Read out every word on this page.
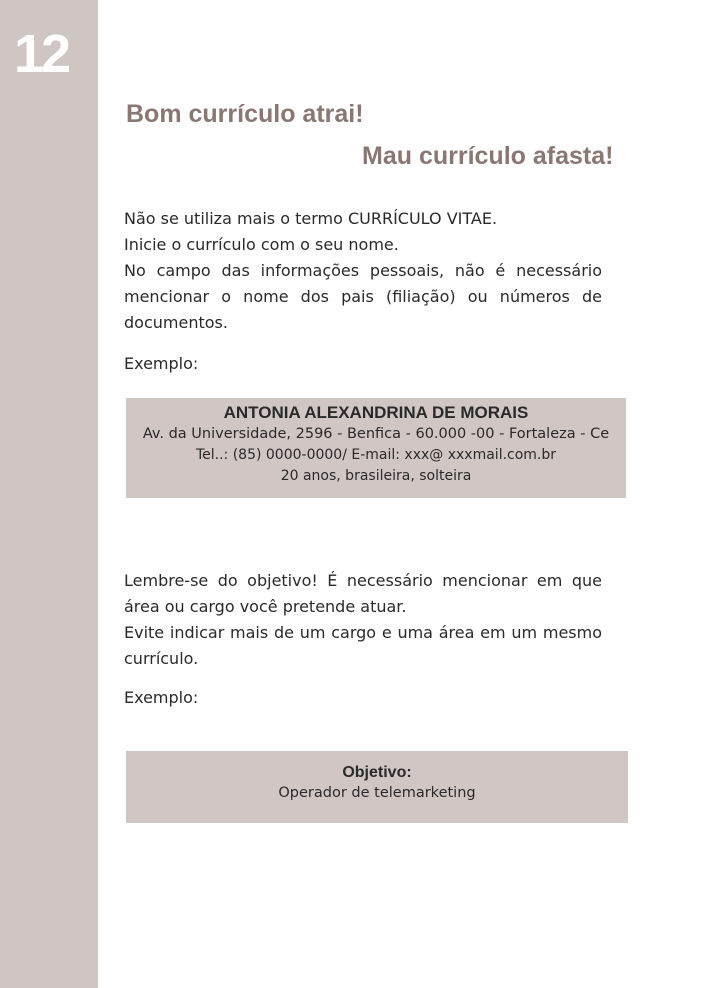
12
Bom currículo atrai!
Mau currículo afasta!

Não se utiliza mais o termo CURRÍCULO VITAE.

Inicie o currículo com o seu nome.

No campo das informações pessoais, não é necessário mencionar o nome dos pais (filiação) ou números de documentos.

Exemplo:
ANTONIA ALEXANDRINA DE MORAIS
Av. da Universidade, 2596 - Benfica - 60.000 -00 - Fortaleza - Ce
Tel..: (85) 0000-0000/ E-mail: xxx@ xxxmail.com.br
20 anos, brasileira, solteira

Lembre-se do objetivo! É necessário mencionar em que área ou cargo você pretende atuar.

Evite indicar mais de um cargo e uma área em um mesmo currículo.

Exemplo:
Objetivo:
Operador de telemarketing
